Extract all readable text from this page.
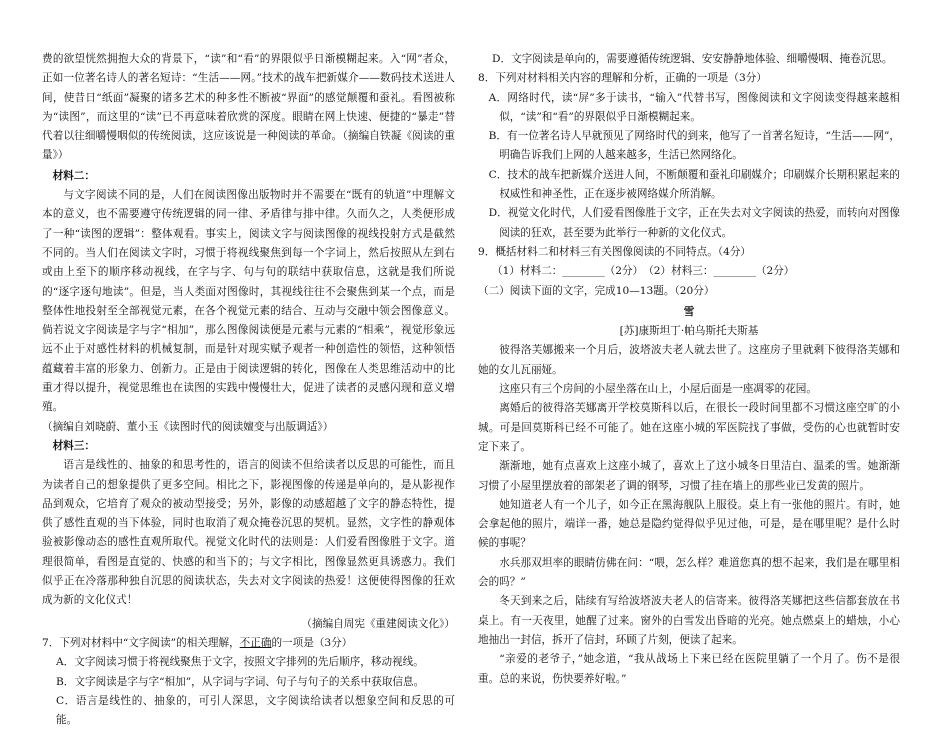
费的欲望恍然拥抱大众的背景下，“读”和“看”的界限似乎日渐模糊起来。入“网”者众，正如一位著名诗人的著名短诗：“生活——网。”技术的战车把新媒介——数码技术送进人间，使昔日“纸面”凝聚的诸多艺术的种多性不断被“界面”的感觉颠覆和蚕礼。看图被称为“读图”，而这里的“读”已不再意味着欣赏的深度。眼睛在网上快速、便捷的“暴走”替代着以往细嚼慢咽似的传统阅读，这应该说是一种阅读的革命。（摘编自铁凝《阅读的重量》）

材料二：

与文字阅读不同的是，人们在阅读图像出版物时并不需要在“既有的轨道”中理解文本的意义，也不需要遵守传统逻辑的同一律、矛盾律与排中律。久而久之，人类便形成了一种“读图的逻辑”：整体观看。事实上，阅读文字与阅读图像的视线投射方式是截然不同的。当人们在阅读文字时，习惯于将视线聚焦到每一个字词上，然后按照从左到右或由上至下的顺序移动视线，在字与字、句与句的联结中获取信息，这就是我们所说的“逐字逐句地读”。但是，当人类面对图像时，其视线往往不会聚焦到某一个点，而是整体性地投射至全部视觉元素，在各个视觉元素的结合、互动与交融中领会图像意义。倘若说文字阅读是字与字“相加”，那么图像阅读便是元素与元素的“相乘”，视觉形象远远不止于对感性材料的机械复制，而是针对现实赋予观者一种创造性的领悟，这种领悟蕴藏着丰富的形象力、创新力。正是由于阅读逻辑的转化，图像在人类思维活动中的比重才得以提升，视觉思维也在读图的实践中慢慢壮大，促进了读者的灵感闪现和意义增殖。

（摘编自刘晓蔚、董小玉《读图时代的阅读嬗变与出版调适》）

材料三：

语言是线性的、抽象的和思考性的，语言的阅读不但给读者以反思的可能性，而且为读者自己的想象提供了更多空间。相比之下，影视图像的传递是单向的，是从影视作品到观众，它培育了观众的被动型接受；另外，影像的动感超越了文字的静态特性，提供了感性直观的当下体验，同时也取消了观众掩卷沉思的契机。显然，文字性的静观体验被影像动态的感性直观所取代。视觉文化时代的法则是：人们爱看图像胜于文字。道理很简单，看图是直觉的、快感的和当下的；与文字相比，图像显然更具诱惑力。我们似乎正在冷落那种独自沉思的阅读状态，失去对文字阅读的热爱！这便使得图像的狂欢成为新的文化仪式！

（摘编自周宪《重建阅读文化》）

7．下列对材料中“文字阅读”的相关理解，不正确的一项是（3分）

A．文字阅读习惯于将视线聚焦于文字，按照文字排列的先后顺序，移动视线。

B．文字阅读是字与字“相加”，从字词与字词、句子与句子的关系中获取信息。

C．语言是线性的、抽象的，可引人深思，文字阅读给读者以想象空间和反思的可能。

D．文字阅读是单向的，需要遵循传统逻辑、安安静静地体验、细嚼慢咽、掩卷沉思。

8．下列对材料相关内容的理解和分析，正确的一项是（3分）

A．网络时代，读“屏”多于读书，“输入”代替书写，图像阅读和文字阅读变得越来越相似，“读”和“看”的界限似乎日渐模糊起来。

B．有一位著名诗人早就预见了网络时代的到来，他写了一首著名短诗，“生活——网”，明确告诉我们上网的人越来越多，生活已然网络化。

C．技术的战车把新媒介送进人间，不断颠覆和蚕礼印刷媒介；印刷媒介长期积累起来的权威性和神圣性，正在逐步被网络媒介所消解。

D．视觉文化时代，人们爱看图像胜于文字，正在失去对文字阅读的热爱，而转向对图像阅读的狂欢，甚至要为此举行一种新的文化仪式。

9．概括材料二和材料三有关图像阅读的不同特点。（4分）

（1）材料二：________（2分）　（2）材料三：________（2分）

（二）阅读下面的文字，完成10—13题。（20分）

雪

[苏]康斯坦丁·帕乌斯托夫斯基

彼得洛芙娜搬来一个月后，波塔波夫老人就去世了。这座房子里就剩下彼得洛芙娜和她的女儿瓦丽娅。

这座只有三个房间的小屋坐落在山上，小屋后面是一座凋零的花园。

离婚后的彼得洛芙娜离开学校莫斯科以后，在很长一段时间里都不习惯这座空旷的小城。可是回莫斯科已经不可能了。她在这座小城的军医院找了事做，受伤的心也就暂时安定下来了。

渐渐地，她有点喜欢上这座小城了，喜欢上了这小城冬日里洁白、温柔的雪。她渐渐习惯了小屋里摆放着的部架老了调的钢琴，习惯了挂在墙上的那些业已发黄的照片。

她知道老人有一个儿子，如今正在黑海舰队上服役。桌上有一张他的照片。有时，她会拿起他的照片，端详一番，她总是隐约觉得似乎见过他，可是，是在哪里呢？是什么时候的事呢？

水兵那双坦率的眼睛仿佛在问：“喂，怎么样？难道您真的想不起来，我们是在哪里相会的吗？”

冬天到来之后，陆续有写给波塔波夫老人的信寄来。彼得洛芙娜把这些信都套放在书桌上。有一天夜里，她醒了过来。窗外的白雪发出昏暗的光亮。她点燃桌上的蜡烛，小心地抽出一封信，拆开了信封，环顾了片刻，便读了起来。

“亲爱的老爷子，”她念道，“我从战场上下来已经在医院里躺了一个月了。伤不是很重。总的来说，伤快要养好啦。”
